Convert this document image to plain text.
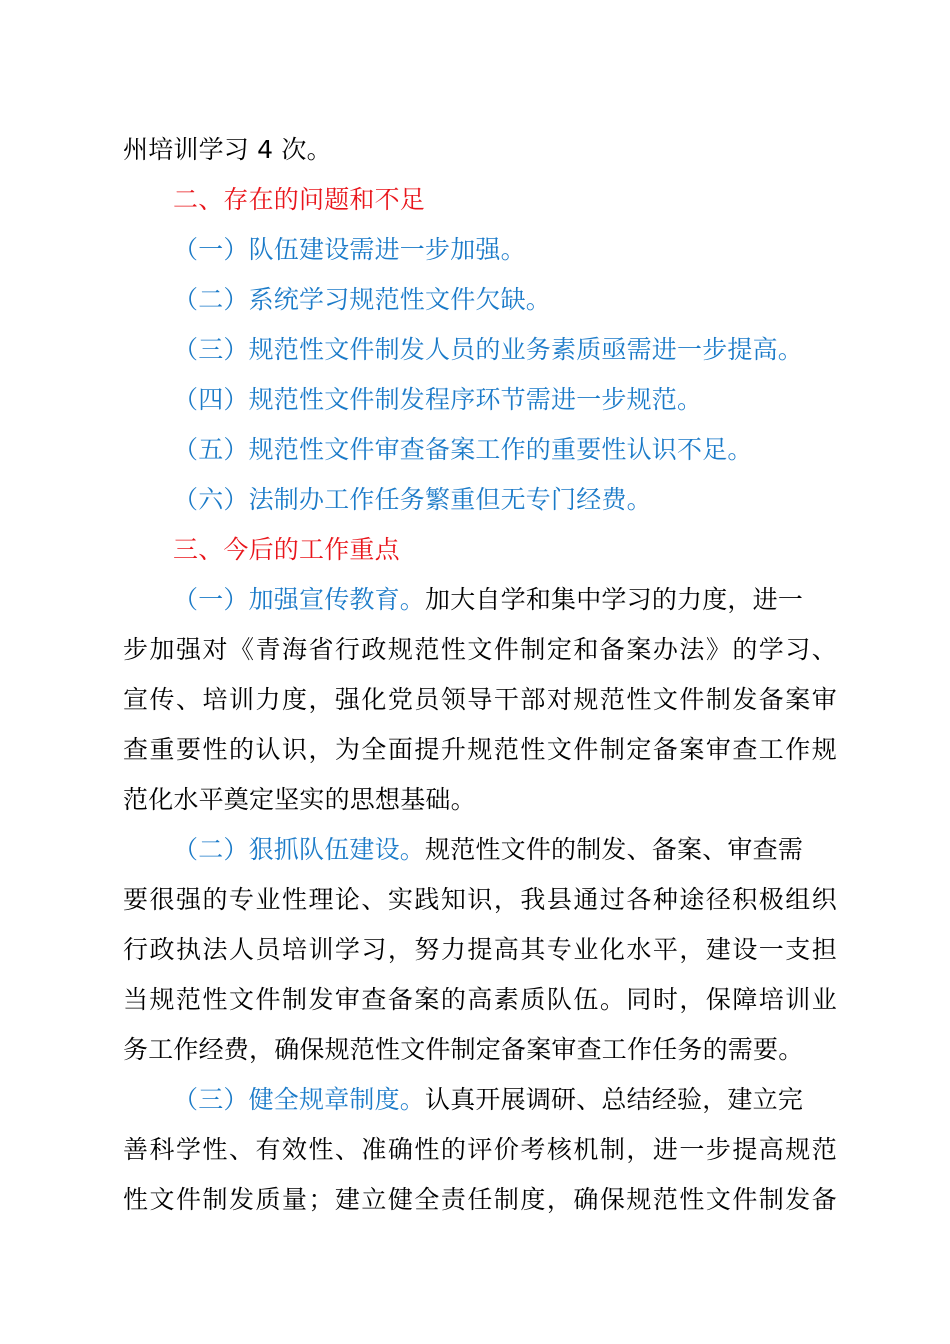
州培训学习 4 次。
二、存在的问题和不足
（一）队伍建设需进一步加强。
（二）系统学习规范性文件欠缺。
（三）规范性文件制发人员的业务素质亟需进一步提高。
（四）规范性文件制发程序环节需进一步规范。
（五）规范性文件审查备案工作的重要性认识不足。
（六）法制办工作任务繁重但无专门经费。
三、今后的工作重点
（一）加强宣传教育。加大自学和集中学习的力度，进一
步加强对《青海省行政规范性文件制定和备案办法》的学习、
宣传、培训力度，强化党员领导干部对规范性文件制发备案审
查重要性的认识，为全面提升规范性文件制定备案审查工作规
范化水平奠定坚实的思想基础。
（二）狠抓队伍建设。规范性文件的制发、备案、审查需
要很强的专业性理论、实践知识，我县通过各种途径积极组织
行政执法人员培训学习，努力提高其专业化水平，建设一支担
当规范性文件制发审查备案的高素质队伍。同时，保障培训业
务工作经费，确保规范性文件制定备案审查工作任务的需要。
（三）健全规章制度。认真开展调研、总结经验，建立完
善科学性、有效性、准确性的评价考核机制，进一步提高规范
性文件制发质量；建立健全责任制度，确保规范性文件制发备
